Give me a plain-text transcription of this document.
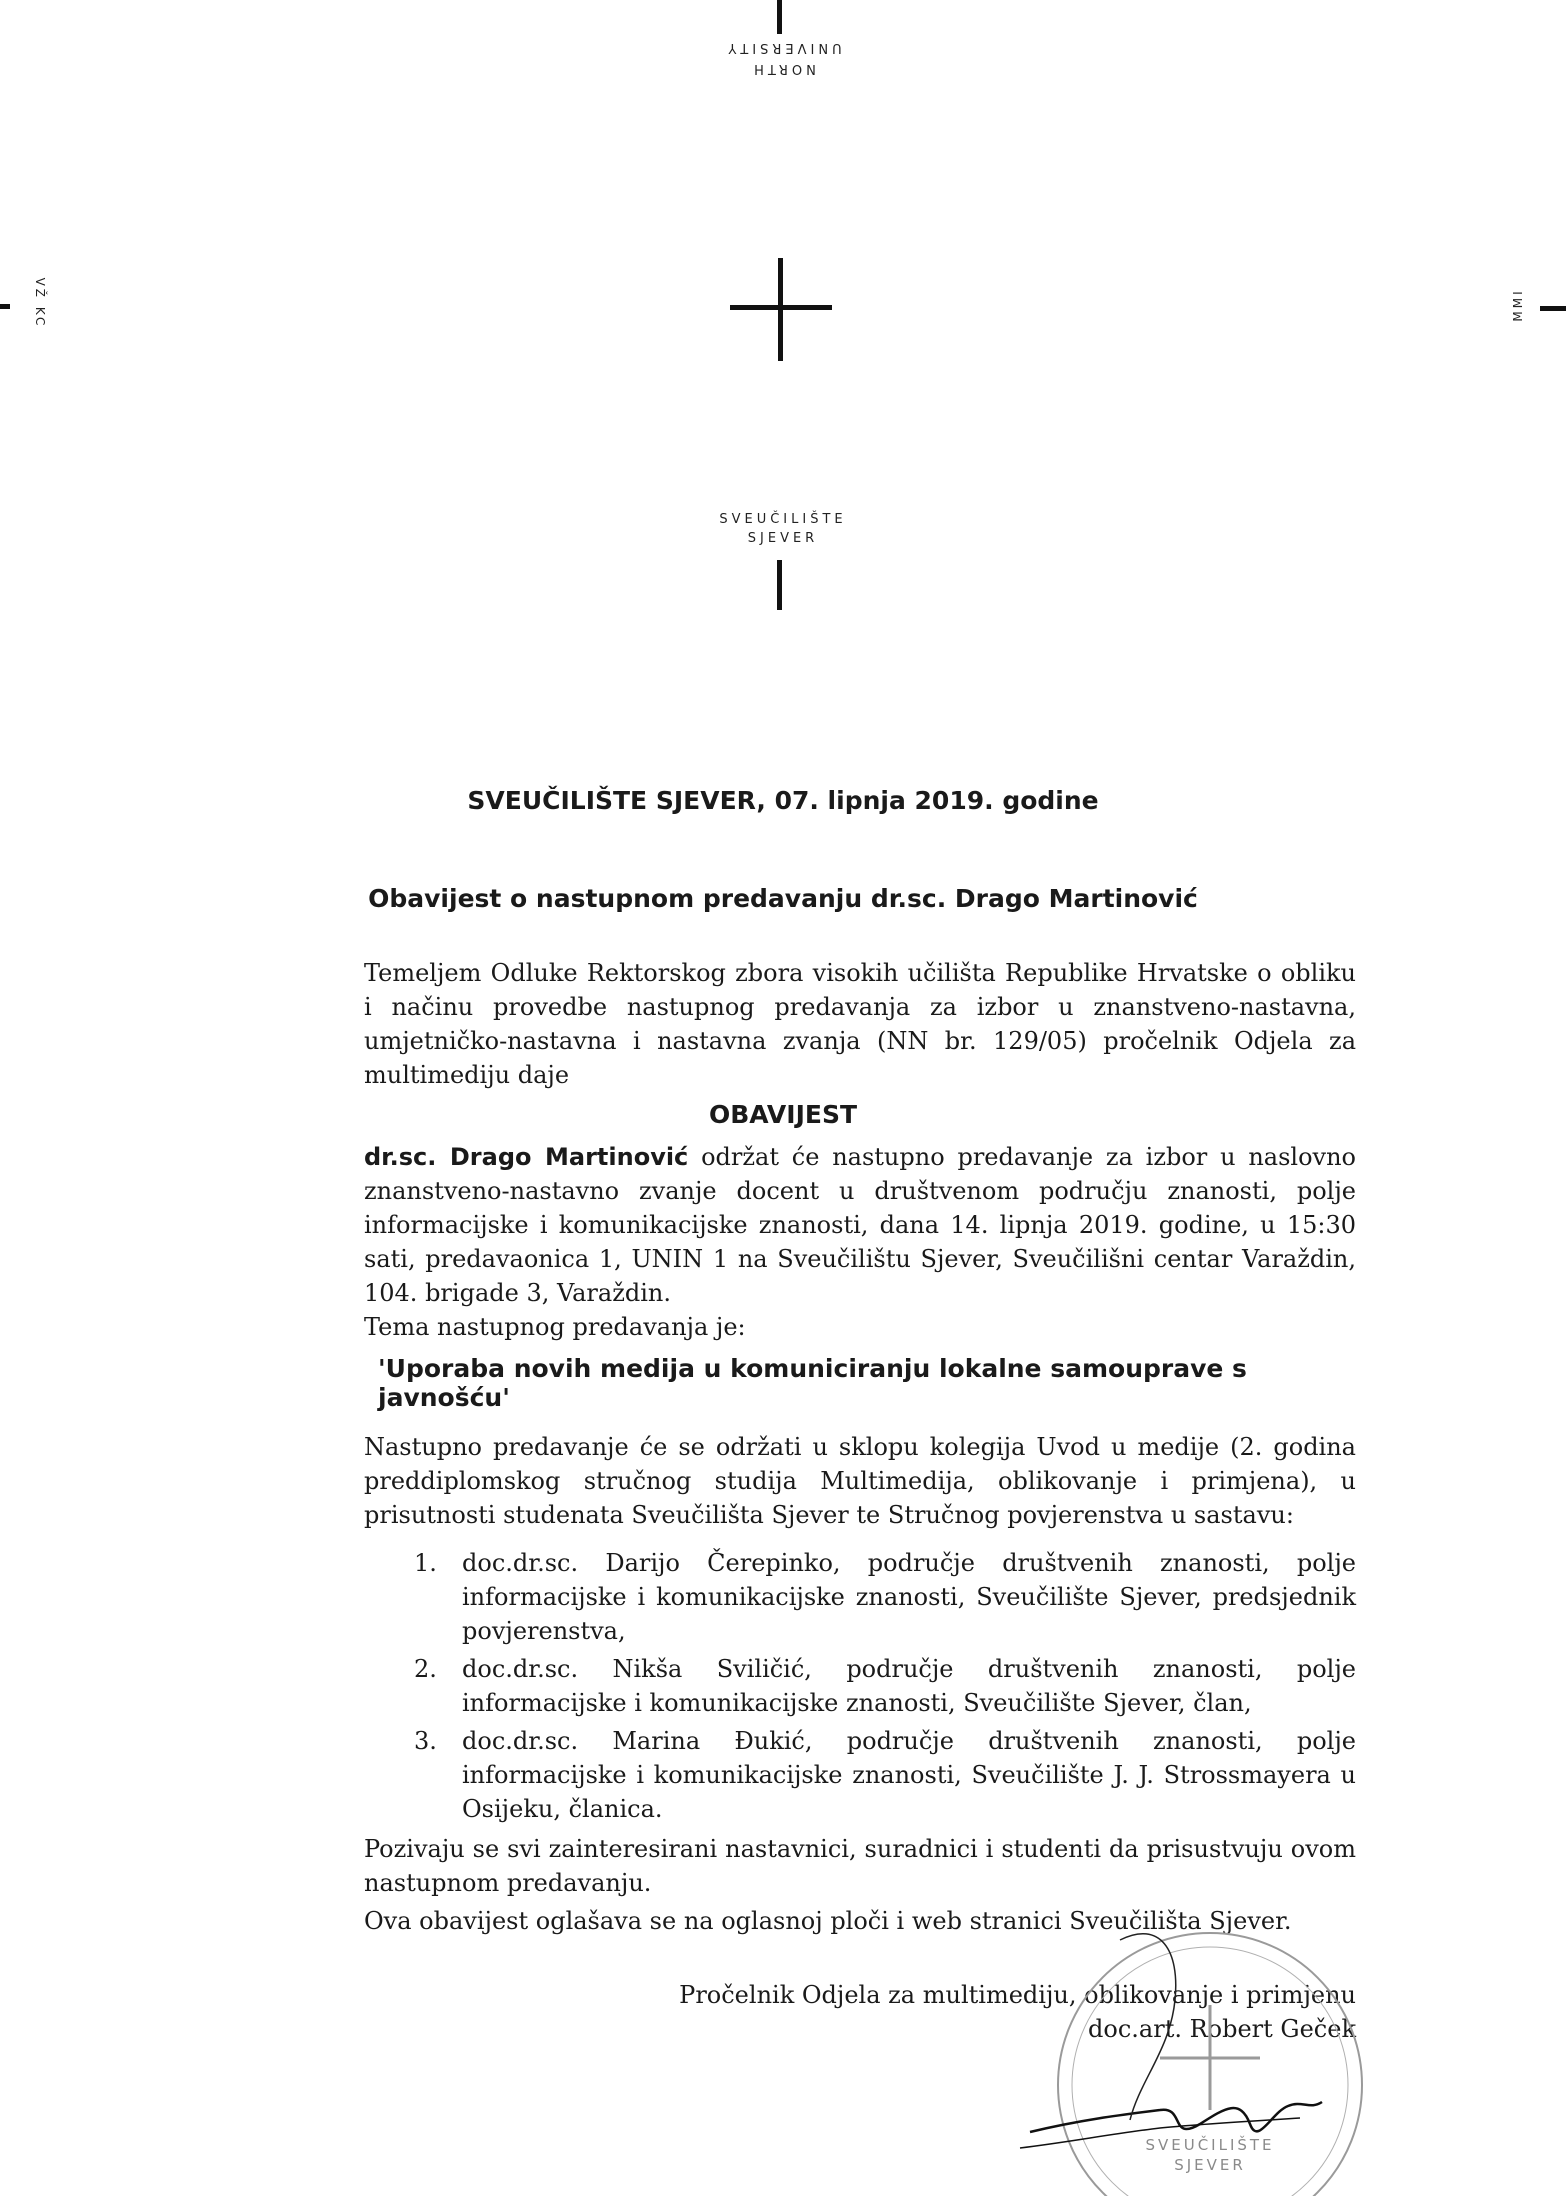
NORTH
UNIVERSITY
VŽ KC	MMI
SVEUČILIŠTE
SJEVER
SVEUČILIŠTE SJEVER, 07. lipnja 2019. godine
Obavijest o nastupnom predavanju dr.sc. Drago Martinović
Temeljem Odluke Rektorskog zbora visokih učilišta Republike Hrvatske o obliku i načinu provedbe nastupnog predavanja za izbor u znanstveno-nastavna, umjetničko-nastavna i nastavna zvanja (NN br. 129/05) pročelnik Odjela za multimediju daje
OBAVIJEST
dr.sc. Drago Martinović održat će nastupno predavanje za izbor u naslovno znanstveno-nastavno zvanje docent u društvenom području znanosti, polje informacijske i komunikacijske znanosti, dana 14. lipnja 2019. godine, u 15:30 sati, predavaonica 1, UNIN 1 na Sveučilištu Sjever, Sveučilišni centar Varaždin, 104. brigade 3, Varaždin.
Tema nastupnog predavanja je:
'Uporaba novih medija u komuniciranju lokalne samouprave s javnošću'
Nastupno predavanje će se održati u sklopu kolegija Uvod u medije (2. godina preddiplomskog stručnog studija Multimedija, oblikovanje i primjena), u prisutnosti studenata Sveučilišta Sjever te Stručnog povjerenstva u sastavu:
1.	doc.dr.sc. Darijo Čerepinko, područje društvenih znanosti, polje informacijske i komunikacijske znanosti, Sveučilište Sjever, predsjednik povjerenstva,
2.	doc.dr.sc. Nikša Sviličić, područje društvenih znanosti, polje informacijske i komunikacijske znanosti, Sveučilište Sjever, član,
3.	doc.dr.sc. Marina Đukić, područje društvenih znanosti, polje informacijske i komunikacijske znanosti, Sveučilište J. J. Strossmayera u Osijeku, članica.
Pozivaju se svi zainteresirani nastavnici, suradnici i studenti da prisustvuju ovom nastupnom predavanju.
Ova obavijest oglašava se na oglasnoj ploči i web stranici Sveučilišta Sjever.
Pročelnik Odjela za multimediju, oblikovanje i primjenu
doc.art. Robert Geček
SVEUČILIŠTE
SJEVER
